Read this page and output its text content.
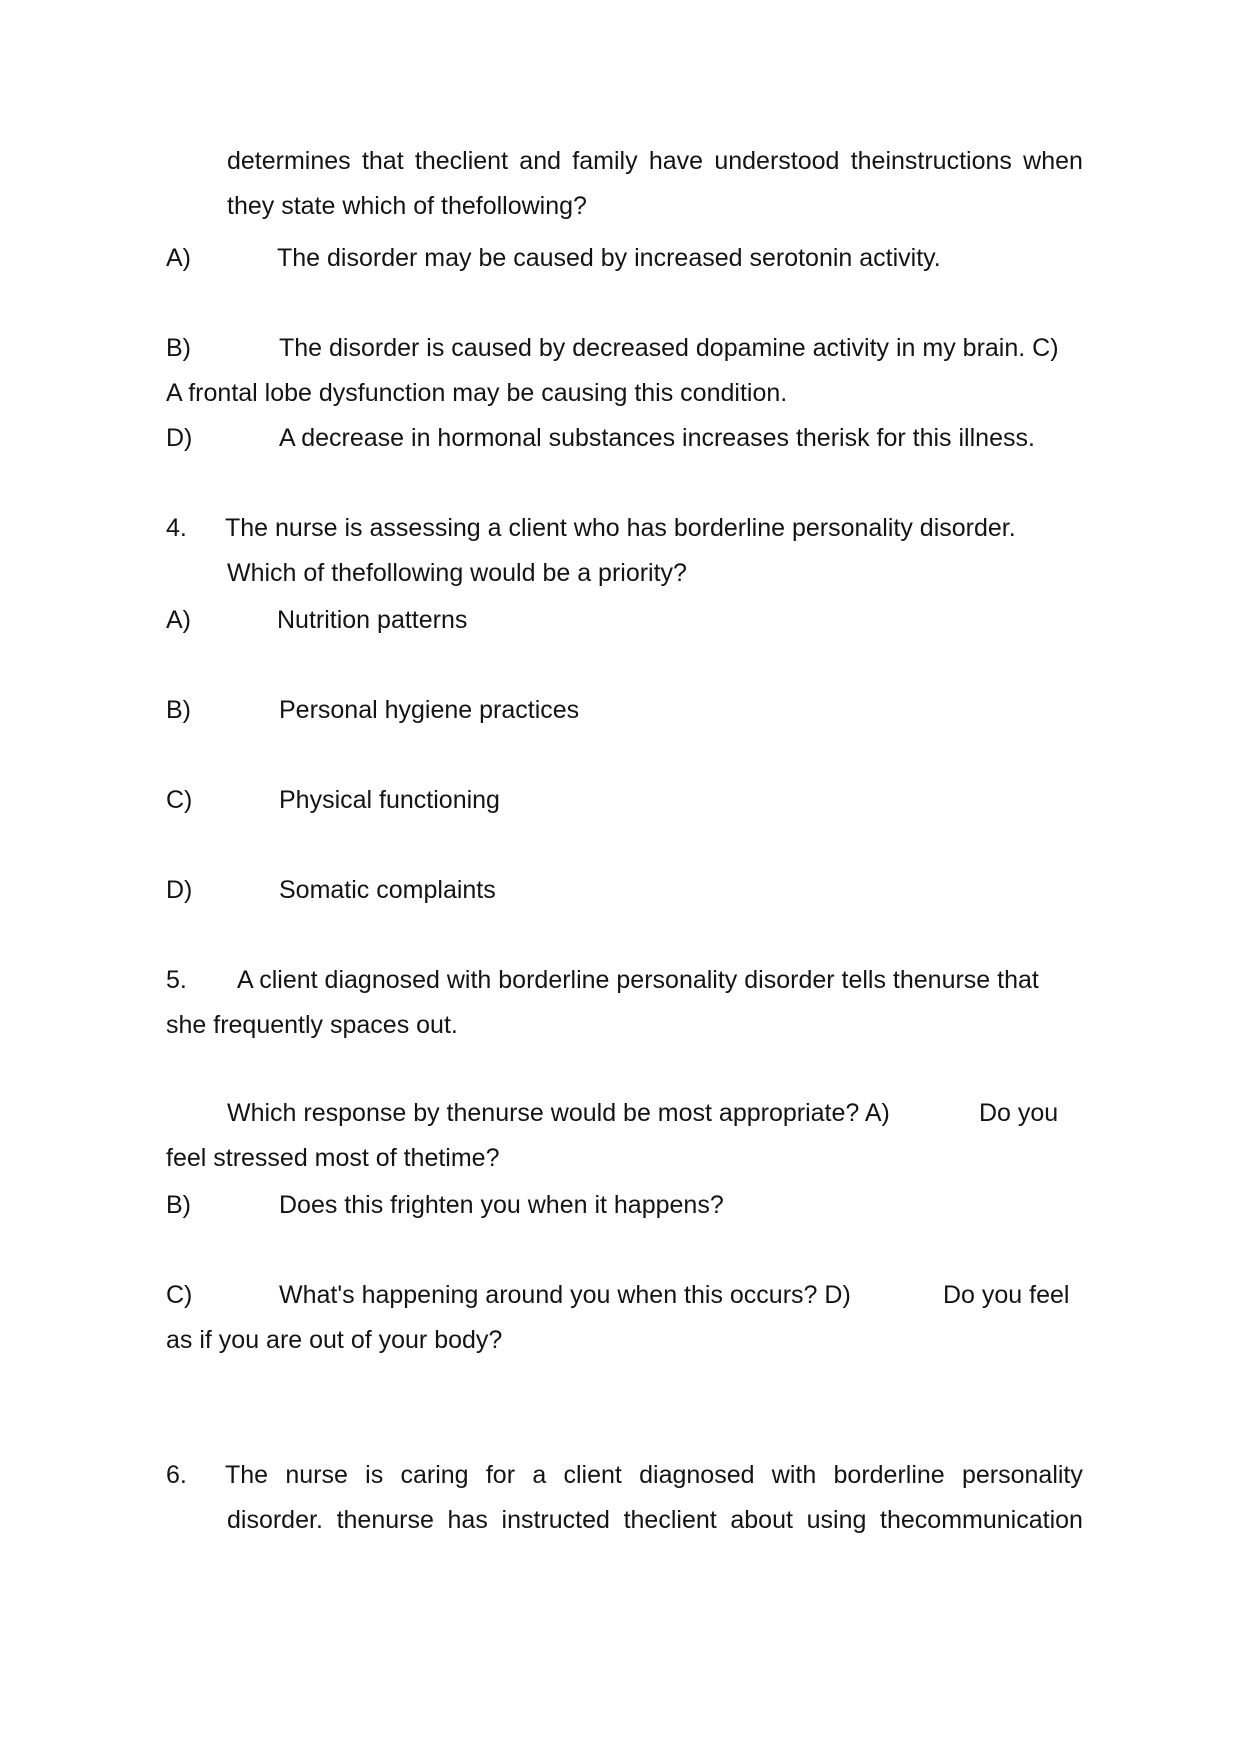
determines that theclient and family have understood theinstructions when
they state which of thefollowing?
A)	The disorder may be caused by increased serotonin activity.
B)	The disorder is caused by decreased dopamine activity in my brain. C)
A frontal lobe dysfunction may be causing this condition.
D)	A decrease in hormonal substances increases therisk for this illness.
4. The nurse is assessing a client who has borderline personality disorder.
Which of thefollowing would be a priority?
A)	Nutrition patterns
B)	Personal hygiene practices
C)	Physical functioning
D)	Somatic complaints
5. A client diagnosed with borderline personality disorder tells thenurse that
she frequently spaces out.
Which response by thenurse would be most appropriate? A)	Do you
feel stressed most of thetime?
B)	Does this frighten you when it happens?
C)	What's happening around you when this occurs? D)	Do you feel
as if you are out of your body?
6. The nurse is caring for a client diagnosed with borderline personality
disorder. thenurse has instructed theclient about using thecommunication
